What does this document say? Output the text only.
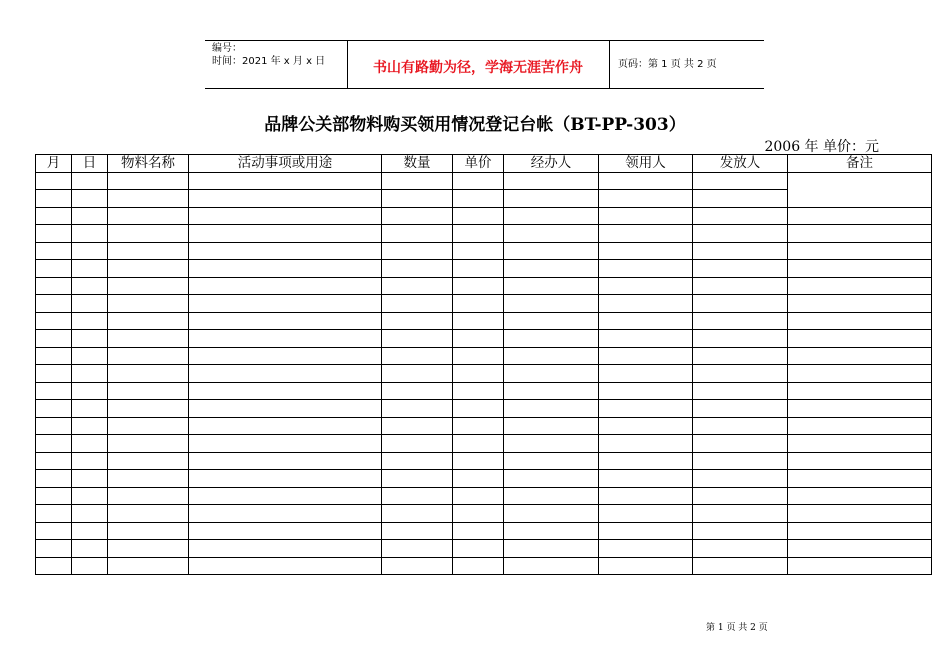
编号：
时间：2021 年 x 月 x 日	书山有路勤为径，学海无涯苦作舟	页码：第 1 页 共 2 页
品牌公关部物料购买领用情况登记台帐（BT-PP-303）
2006 年 单价：元
月	日	物料名称	活动事项或用途	数量	单价	经办人	领用人	发放人	备注

第 1 页 共 2 页
